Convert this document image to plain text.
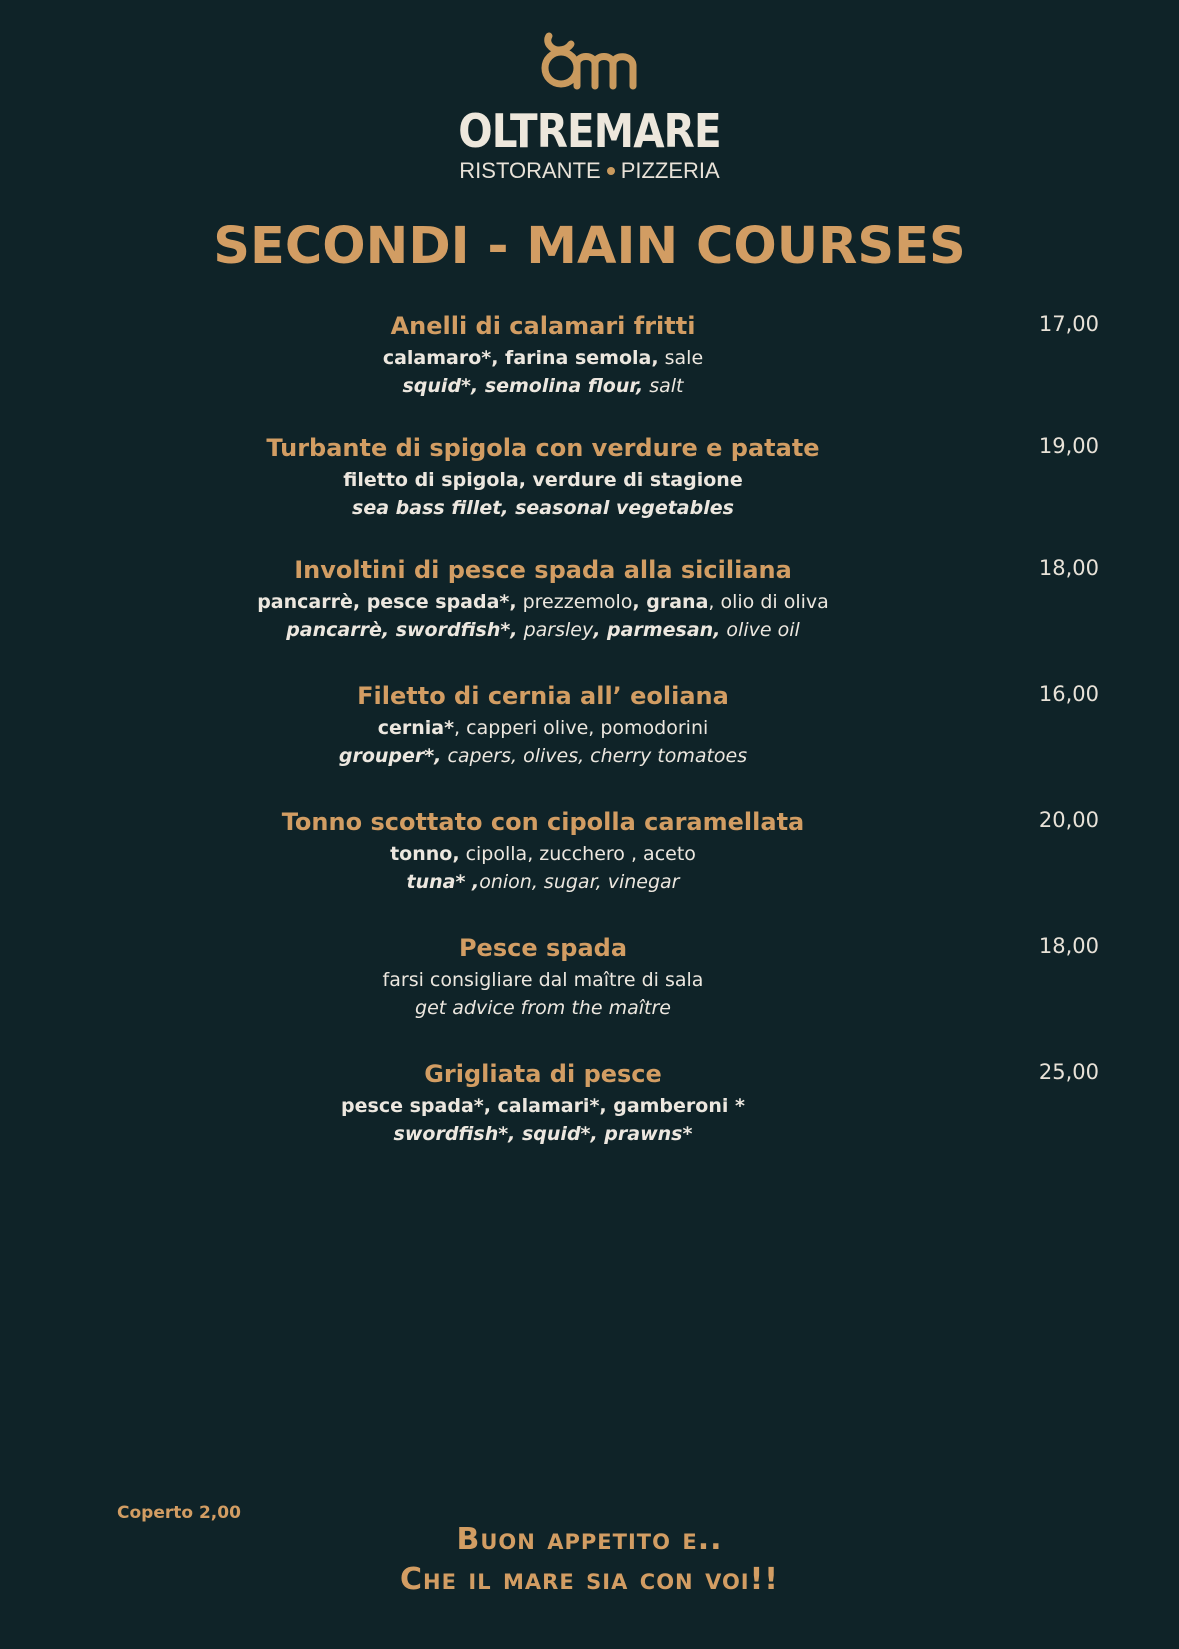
OLTREMARE
RISTORANTE PIZZERIA
SECONDI - MAIN COURSES
Anelli di calamari fritti
calamaro*, farina semola, sale
squid*, semolina flour, salt
17,00
Turbante di spigola con verdure e patate
filetto di spigola, verdure di stagione
sea bass fillet, seasonal vegetables
19,00
Involtini di pesce spada alla siciliana
pancarrè, pesce spada*, prezzemolo, grana, olio di oliva
pancarrè, swordfish*, parsley, parmesan, olive oil
18,00
Filetto di cernia all’ eoliana
cernia*, capperi olive, pomodorini
grouper*, capers, olives, cherry tomatoes
16,00
Tonno scottato con cipolla caramellata
tonno, cipolla, zucchero , aceto
tuna* ,onion, sugar, vinegar
20,00
Pesce spada
farsi consigliare dal maître di sala
get advice from the maître
18,00
Grigliata di pesce
pesce spada*, calamari*, gamberoni *
swordfish*, squid*, prawns*
25,00
Coperto 2,00
Buon appetito e..
Che il mare sia con voi!!
